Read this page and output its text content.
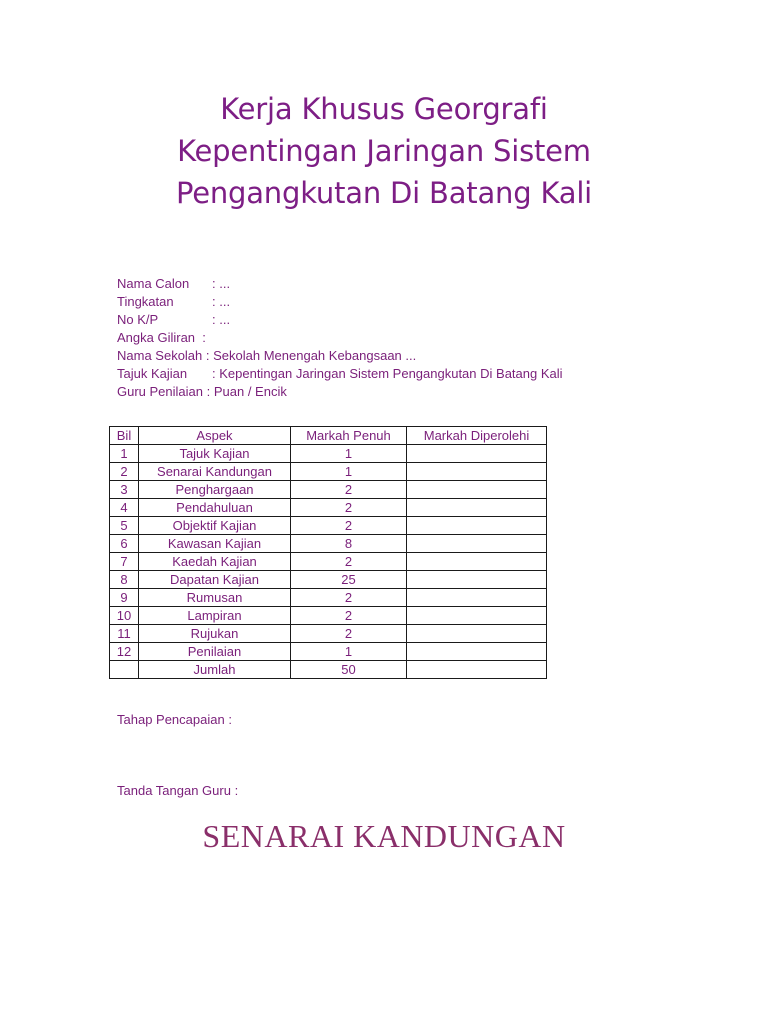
Kerja Khusus Georgrafi
Kepentingan Jaringan Sistem
Pengangkutan Di Batang Kali
Nama Calon : ...
Tingkatan	: ...
No K/P	: ...
Angka Giliran :
Nama Sekolah : Sekolah Menengah Kebangsaan ...
Tajuk Kajian : Kepentingan Jaringan Sistem Pengangkutan Di Batang Kali
Guru Penilaian : Puan / Encik
Bil	Aspek	Markah Penuh	Markah Diperolehi
1	Tajuk Kajian	1	
2	Senarai Kandungan	1	
3	Penghargaan	2	
4	Pendahuluan	2	
5	Objektif Kajian	2	
6	Kawasan Kajian	8	
7	Kaedah Kajian	2	
8	Dapatan Kajian	25	
9	Rumusan	2	
10	Lampiran	2	
11	Rujukan	2	
12	Penilaian	1	
	Jumlah	50	
Tahap Pencapaian :
Tanda Tangan Guru :
SENARAI KANDUNGAN
